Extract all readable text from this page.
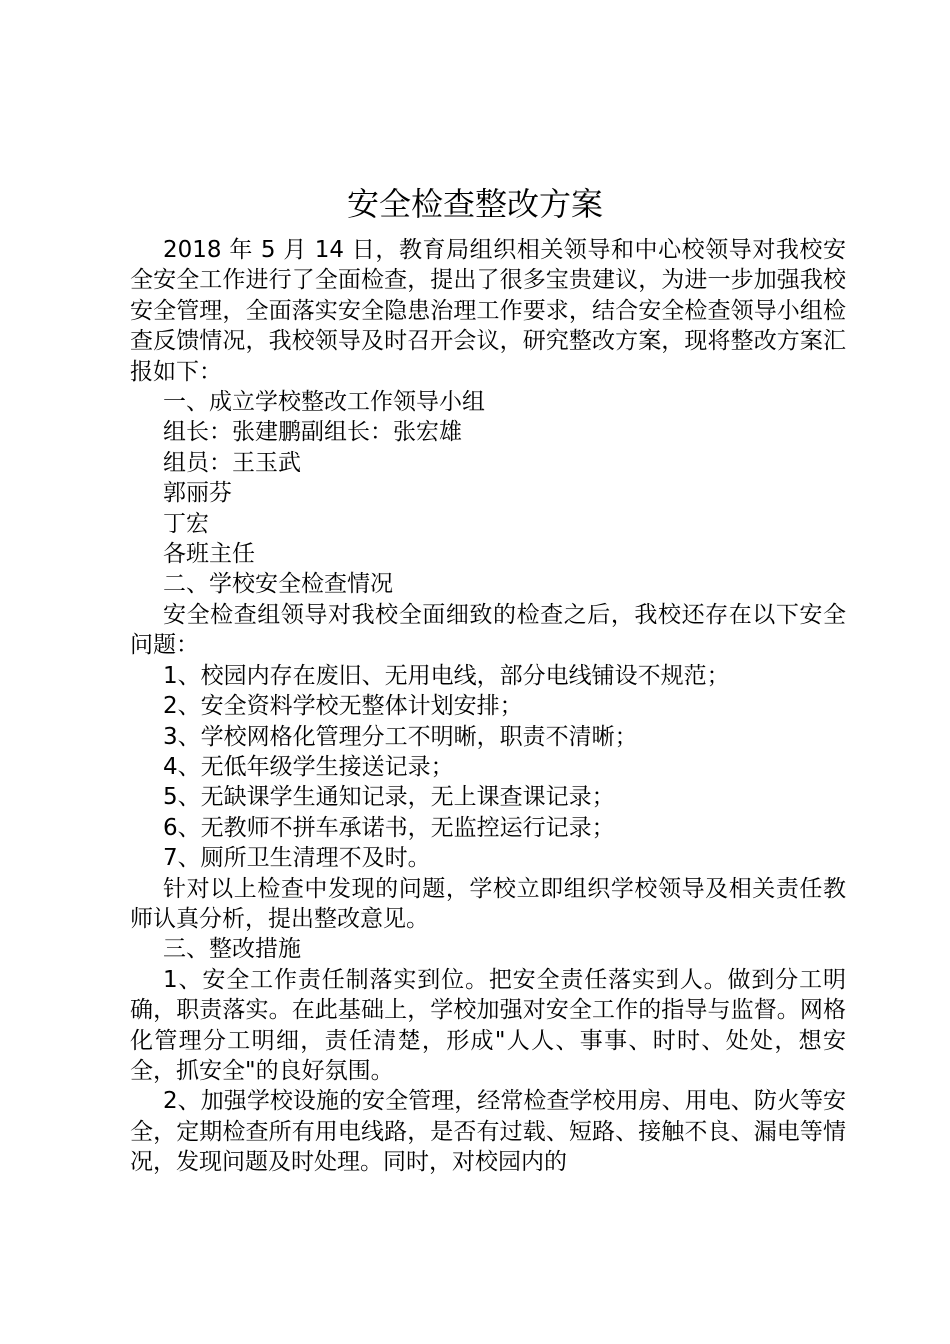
安全检查整改方案

2018 年 5 月 14 日，教育局组织相关领导和中心校领导对我校安全安全工作进行了全面检查，提出了很多宝贵建议，为进一步加强我校安全管理，全面落实安全隐患治理工作要求，结合安全检查领导小组检查反馈情况，我校领导及时召开会议，研究整改方案，现将整改方案汇报如下：

一、成立学校整改工作领导小组

组长：张建鹏副组长：张宏雄

组员：王玉武

郭丽芬

丁宏

各班主任

二、学校安全检查情况

安全检查组领导对我校全面细致的检查之后，我校还存在以下安全问题：

1、校园内存在废旧、无用电线，部分电线铺设不规范；

2、安全资料学校无整体计划安排；

3、学校网格化管理分工不明晰，职责不清晰；

4、无低年级学生接送记录；

5、无缺课学生通知记录，无上课查课记录；

6、无教师不拼车承诺书，无监控运行记录；

7、厕所卫生清理不及时。

针对以上检查中发现的问题，学校立即组织学校领导及相关责任教师认真分析，提出整改意见。

三、整改措施

1、安全工作责任制落实到位。把安全责任落实到人。做到分工明确，职责落实。在此基础上，学校加强对安全工作的指导与监督。网格化管理分工明细，责任清楚，形成"人人、事事、时时、处处，想安全，抓安全"的良好氛围。

2、加强学校设施的安全管理，经常检查学校用房、用电、防火等安全，定期检查所有用电线路，是否有过载、短路、接触不良、漏电等情况，发现问题及时处理。同时，对校园内的
